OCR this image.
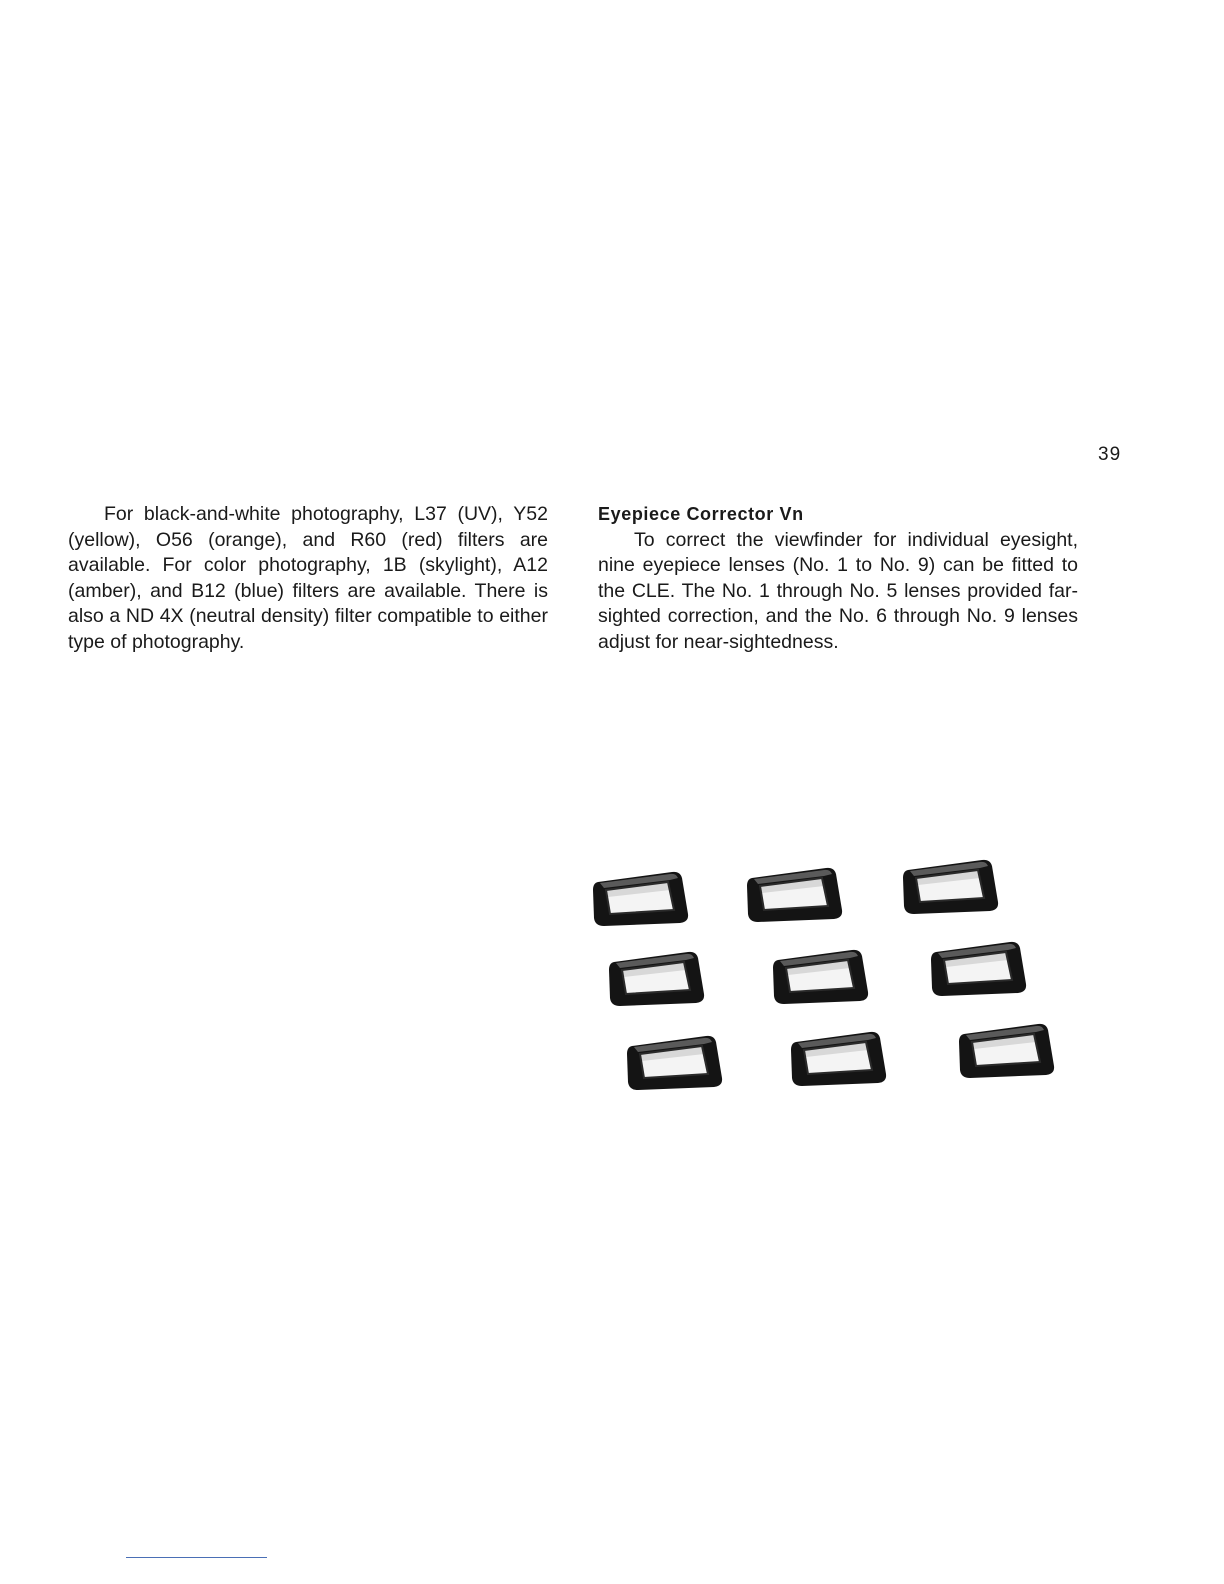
39

For black-and-white photography, L37 (UV), Y52 (yellow), O56 (orange), and R60 (red) filters are available. For color photography, 1B (skylight), A12 (amber), and B12 (blue) filters are available. There is also a ND 4X (neutral density) filter compatible to either type of photography.

Eyepiece Corrector Vn

To correct the viewfinder for individual eyesight, nine eyepiece lenses (No. 1 to No. 9) can be fitted to the CLE. The No. 1 through No. 5 lenses provided far-sighted correction, and the No. 6 through No. 9 lenses adjust for near-sightedness.
